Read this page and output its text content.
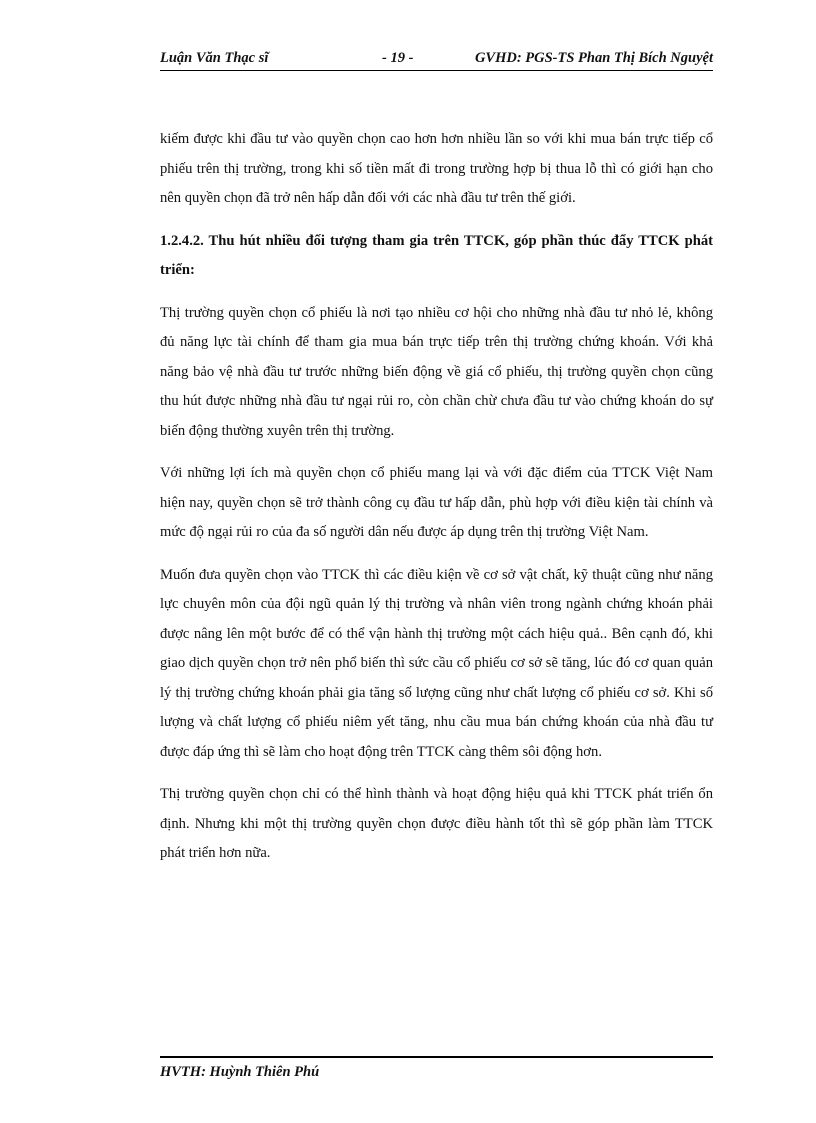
Luận Văn Thạc sĩ	- 19 -	GVHD: PGS-TS Phan Thị Bích Nguyệt

kiếm được khi đầu tư vào quyền chọn cao hơn hơn nhiều lần so với khi mua bán trực tiếp cổ phiếu trên thị trường, trong khi số tiền mất đi trong trường hợp bị thua lỗ thì có giới hạn cho nên quyền chọn đã trở nên hấp dẫn đối với các nhà đầu tư trên thế giới.

1.2.4.2. Thu hút nhiều đối tượng tham gia trên TTCK, góp phần thúc đẩy TTCK phát triển:

Thị trường quyền chọn cổ phiếu là nơi tạo nhiều cơ hội cho những nhà đầu tư nhỏ lẻ, không đủ năng lực tài chính để tham gia mua bán trực tiếp trên thị trường chứng khoán. Với khả năng bảo vệ nhà đầu tư trước những biến động về giá cổ phiếu, thị trường quyền chọn cũng thu hút được những nhà đầu tư ngại rủi ro, còn chần chừ chưa đầu tư vào chứng khoán do sự biến động thường xuyên trên thị trường.

Với những lợi ích mà quyền chọn cổ phiếu mang lại và với đặc điểm của TTCK Việt Nam hiện nay, quyền chọn sẽ trở thành công cụ đầu tư hấp dẫn, phù hợp với điều kiện tài chính và mức độ ngại rủi ro của đa số người dân nếu được áp dụng trên thị trường Việt Nam.

Muốn đưa quyền chọn vào TTCK thì các điều kiện về cơ sở vật chất, kỹ thuật cũng như năng lực chuyên môn của đội ngũ quản lý thị trường và nhân viên trong ngành chứng khoán phải được nâng lên một bước để có thể vận hành thị trường một cách hiệu quả.. Bên cạnh đó, khi giao dịch quyền chọn trở nên phổ biến thì sức cầu cổ phiếu cơ sở sẽ tăng, lúc đó cơ quan quản lý thị trường chứng khoán phải gia tăng số lượng cũng như chất lượng cổ phiếu cơ sở. Khi số lượng và chất lượng cổ phiếu niêm yết tăng, nhu cầu mua bán chứng khoán của nhà đầu tư được đáp ứng thì sẽ làm cho hoạt động trên TTCK càng thêm sôi động hơn.

Thị trường quyền chọn chỉ có thể hình thành và hoạt động hiệu quả khi TTCK phát triển ổn định. Nhưng khi một thị trường quyền chọn được điều hành tốt thì sẽ góp phần làm TTCK phát triển hơn nữa.

HVTH: Huỳnh Thiên Phú
